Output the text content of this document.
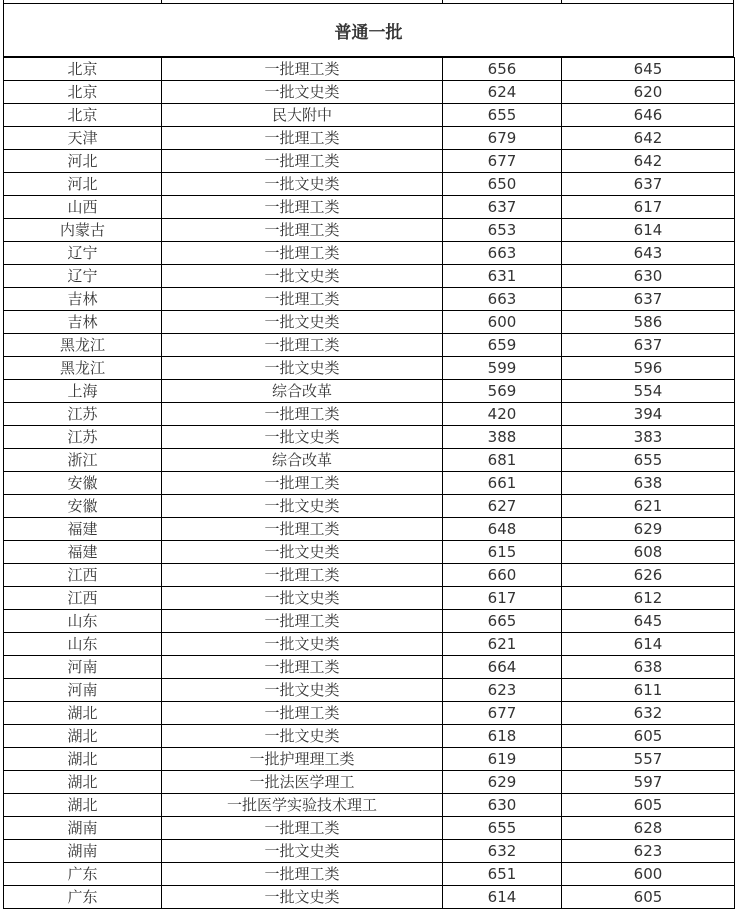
普通一批
北京	一批理工类	656	645
北京	一批文史类	624	620
北京	民大附中	655	646
天津	一批理工类	679	642
河北	一批理工类	677	642
河北	一批文史类	650	637
山西	一批理工类	637	617
内蒙古	一批理工类	653	614
辽宁	一批理工类	663	643
辽宁	一批文史类	631	630
吉林	一批理工类	663	637
吉林	一批文史类	600	586
黑龙江	一批理工类	659	637
黑龙江	一批文史类	599	596
上海	综合改革	569	554
江苏	一批理工类	420	394
江苏	一批文史类	388	383
浙江	综合改革	681	655
安徽	一批理工类	661	638
安徽	一批文史类	627	621
福建	一批理工类	648	629
福建	一批文史类	615	608
江西	一批理工类	660	626
江西	一批文史类	617	612
山东	一批理工类	665	645
山东	一批文史类	621	614
河南	一批理工类	664	638
河南	一批文史类	623	611
湖北	一批理工类	677	632
湖北	一批文史类	618	605
湖北	一批护理理工类	619	557
湖北	一批法医学理工	629	597
湖北	一批医学实验技术理工	630	605
湖南	一批理工类	655	628
湖南	一批文史类	632	623
广东	一批理工类	651	600
广东	一批文史类	614	605
